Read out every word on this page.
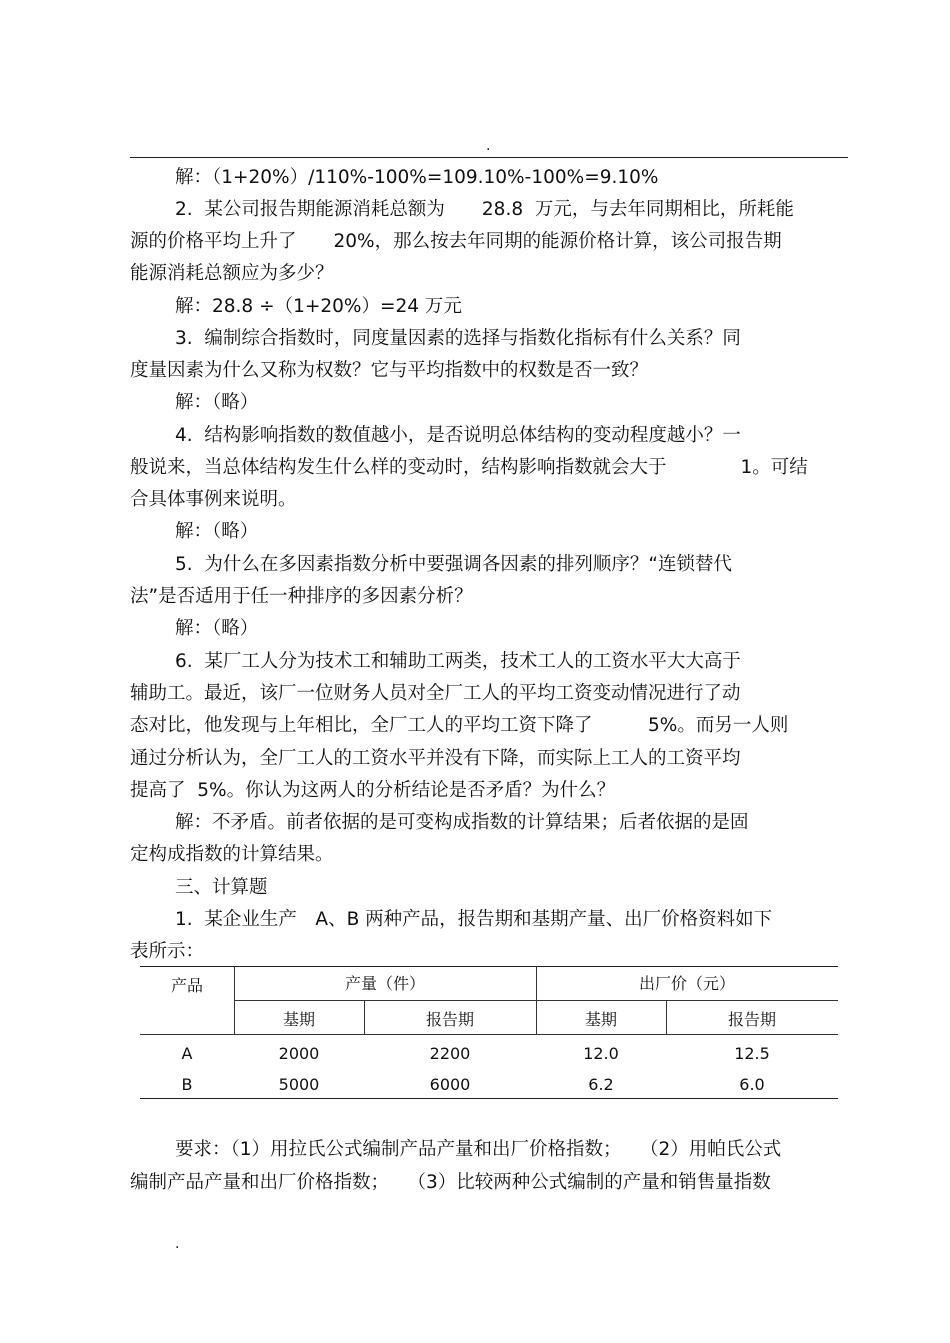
.
解：（1+20%）/110%-100%=109.10%-100%=9.10%
2.  某公司报告期能源消耗总额为　　28.8  万元，与去年同期相比，所耗能
源的价格平均上升了　　20%，那么按去年同期的能源价格计算，该公司报告期
能源消耗总额应为多少？
解：28.8 ÷（1+20%）=24 万元
3.  编制综合指数时，同度量因素的选择与指数化指标有什么关系？同
度量因素为什么又称为权数？它与平均指数中的权数是否一致？
解：（略）
4.  结构影响指数的数值越小，是否说明总体结构的变动程度越小？一
般说来，当总体结构发生什么样的变动时，结构影响指数就会大于　　　　1。可结
合具体事例来说明。
解：（略）
5.  为什么在多因素指数分析中要强调各因素的排列顺序？“连锁替代
法”是否适用于任一种排序的多因素分析？
解：（略）
6.  某厂工人分为技术工和辅助工两类，技术工人的工资水平大大高于
辅助工。最近，该厂一位财务人员对全厂工人的平均工资变动情况进行了动
态对比，他发现与上年相比，全厂工人的平均工资下降了　　　5%。而另一人则
通过分析认为，全厂工人的工资水平并没有下降，而实际上工人的工资平均
提高了  5%。你认为这两人的分析结论是否矛盾？为什么？
解：不矛盾。前者依据的是可变构成指数的计算结果；后者依据的是固
定构成指数的计算结果。
三、计算题
1.  某企业生产　A、B 两种产品，报告期和基期产量、出厂价格资料如下
表所示：
产品	产量（件）	出厂价（元）
基期	报告期	基期	报告期
A	2000	2200	12.0	12.5
B	5000	6000	6.2	6.0
要求：（1）用拉氏公式编制产品产量和出厂价格指数；　　（2）用帕氏公式
编制产品产量和出厂价格指数；　　（3）比较两种公式编制的产量和销售量指数
.
